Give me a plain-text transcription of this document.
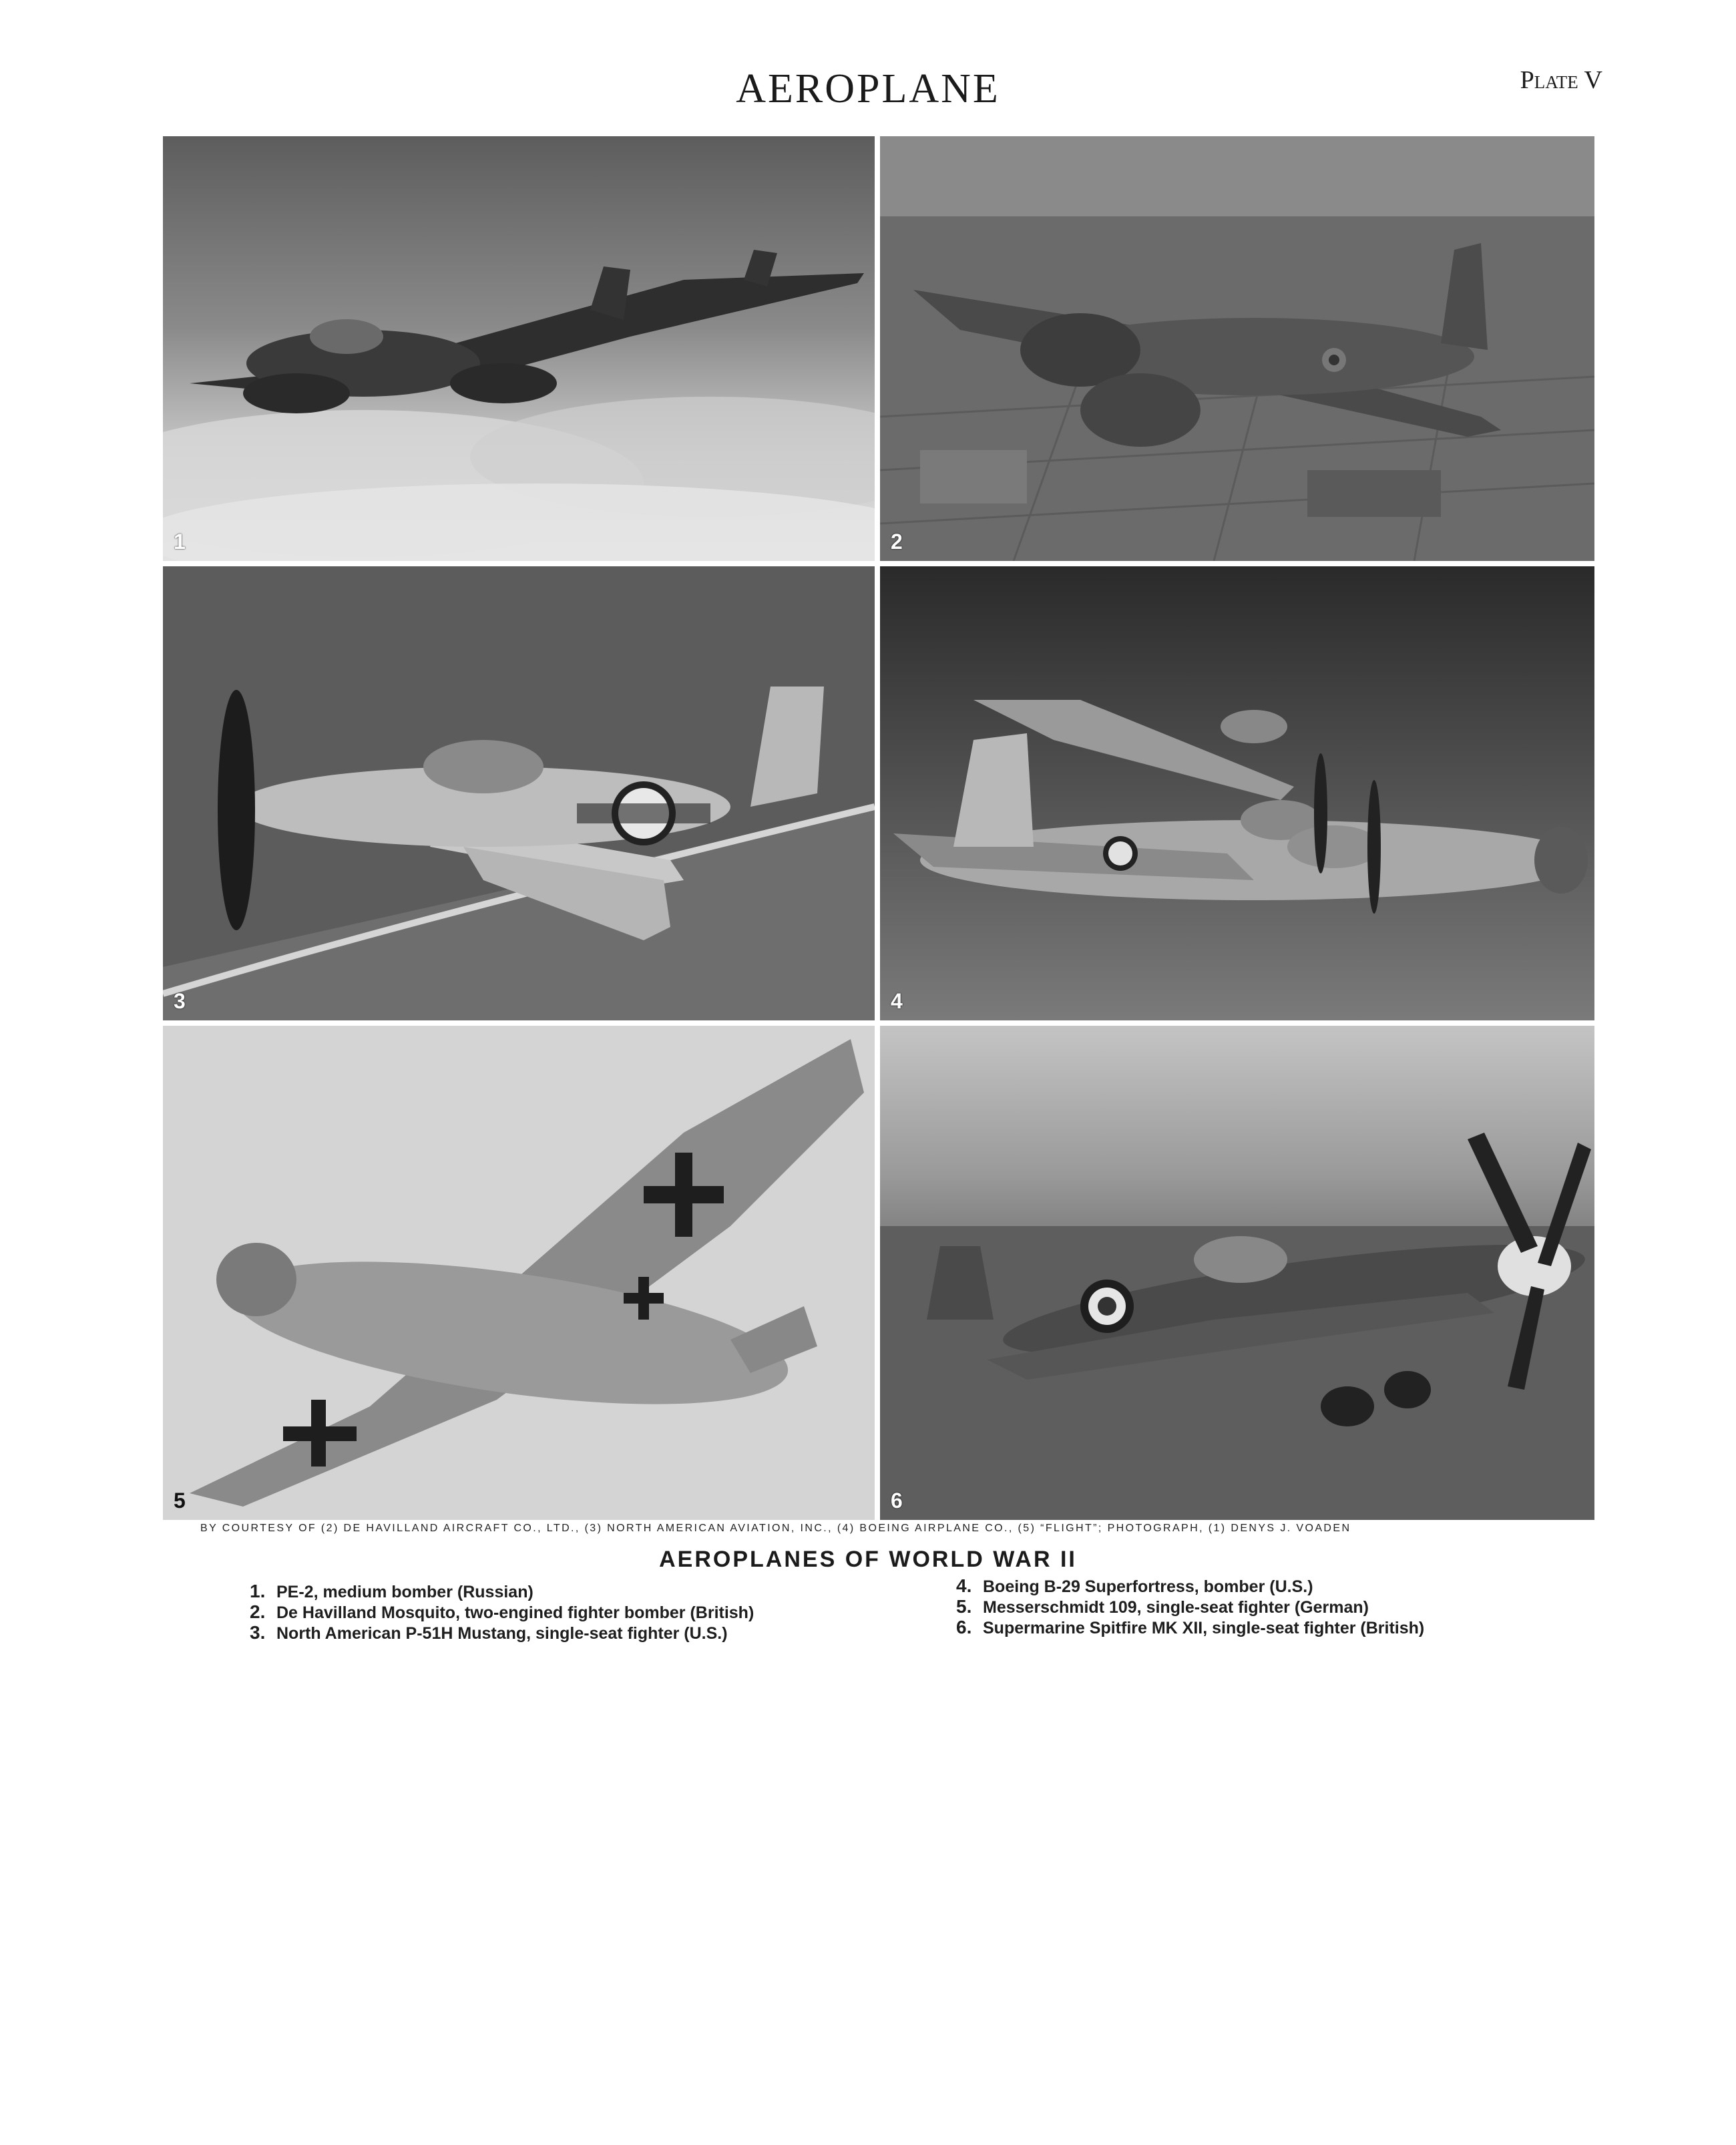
AEROPLANE	Plate V
1	2
3	4
5	6
BY COURTESY OF (2) DE HAVILLAND AIRCRAFT CO., LTD., (3) NORTH AMERICAN AVIATION, INC., (4) BOEING AIRPLANE CO., (5) “FLIGHT”; PHOTOGRAPH, (1) DENYS J. VOADEN
AEROPLANES OF WORLD WAR II
1. PE-2, medium bomber (Russian)
2. De Havilland Mosquito, two-engined fighter bomber (British)
3. North American P-51H Mustang, single-seat fighter (U.S.)
4. Boeing B-29 Superfortress, bomber (U.S.)
5. Messerschmidt 109, single-seat fighter (German)
6. Supermarine Spitfire MK XII, single-seat fighter (British)
